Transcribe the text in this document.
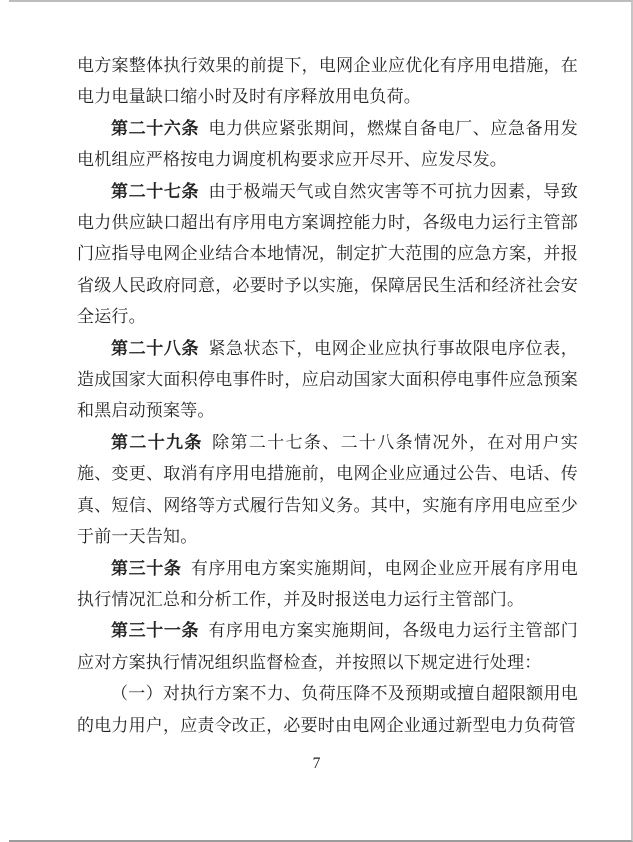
电方案整体执行效果的前提下，电网企业应优化有序用电措施，在电力电量缺口缩小时及时有序释放用电负荷。

第二十六条 电力供应紧张期间，燃煤自备电厂、应急备用发电机组应严格按电力调度机构要求应开尽开、应发尽发。

第二十七条 由于极端天气或自然灾害等不可抗力因素，导致电力供应缺口超出有序用电方案调控能力时，各级电力运行主管部门应指导电网企业结合本地情况，制定扩大范围的应急方案，并报省级人民政府同意，必要时予以实施，保障居民生活和经济社会安全运行。

第二十八条 紧急状态下，电网企业应执行事故限电序位表，造成国家大面积停电事件时，应启动国家大面积停电事件应急预案和黑启动预案等。

第二十九条 除第二十七条、二十八条情况外，在对用户实施、变更、取消有序用电措施前，电网企业应通过公告、电话、传真、短信、网络等方式履行告知义务。其中，实施有序用电应至少于前一天告知。

第三十条 有序用电方案实施期间，电网企业应开展有序用电执行情况汇总和分析工作，并及时报送电力运行主管部门。

第三十一条 有序用电方案实施期间，各级电力运行主管部门应对方案执行情况组织监督检查，并按照以下规定进行处理：

（一）对执行方案不力、负荷压降不及预期或擅自超限额用电的电力用户，应责令改正，必要时由电网企业通过新型电力负荷管

7
